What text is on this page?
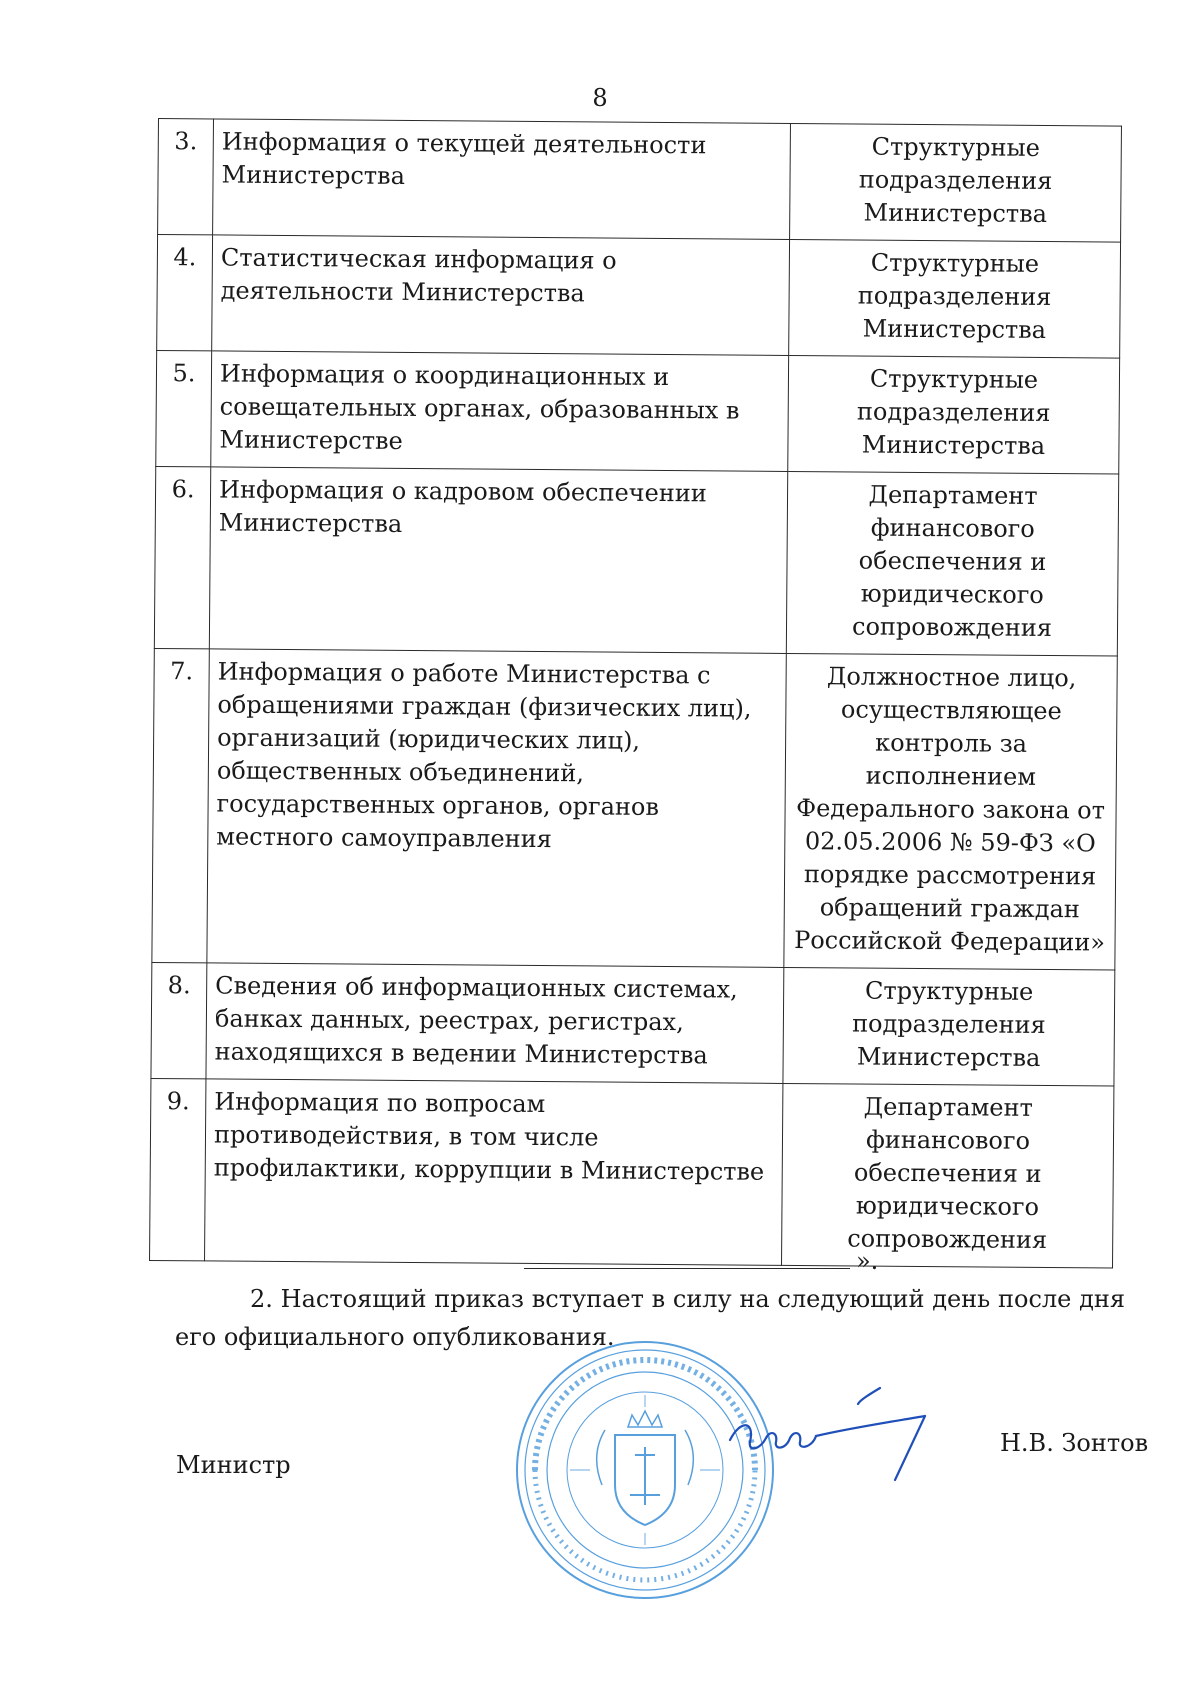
8
3.	Информация о текущей деятельности Министерства	Структурные подразделения Министерства
4.	Статистическая информация о деятельности Министерства	Структурные подразделения Министерства
5.	Информация о координационных и совещательных органах, образованных в Министерстве	Структурные подразделения Министерства
6.	Информация о кадровом обеспечении Министерства	Департамент финансового обеспечения и юридического сопровождения
7.	Информация о работе Министерства с обращениями граждан (физических лиц), организаций (юридических лиц), общественных объединений, государственных органов, органов местного самоуправления	Должностное лицо, осуществляющее контроль за исполнением Федерального закона от 02.05.2006 № 59-ФЗ «О порядке рассмотрения обращений граждан Российской Федерации»
8.	Сведения об информационных системах, банках данных, реестрах, регистрах, находящихся в ведении Министерства	Структурные подразделения Министерства
9.	Информация по вопросам противодействия, в том числе профилактики, коррупции в Министерстве	Департамент финансового обеспечения и юридического сопровождения
».
2. Настоящий приказ вступает в силу на следующий день после дня его официального опубликования.
Министр
Н.В. Зонтов
